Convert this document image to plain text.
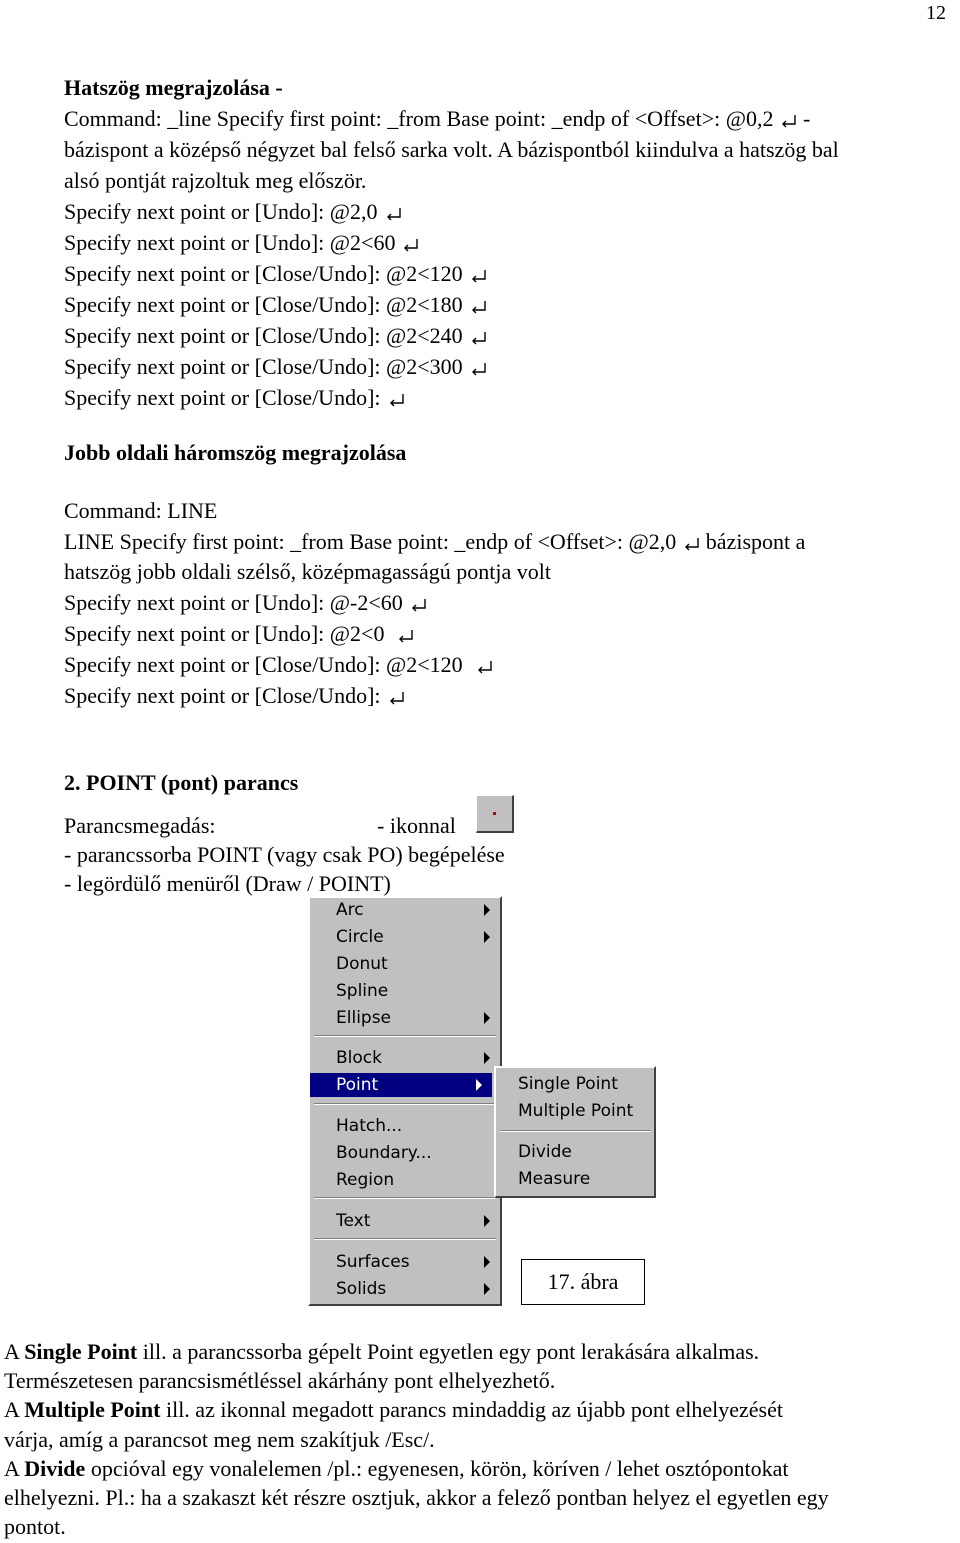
12
Hatszög megrajzolása -
Command: _line Specify first point: _from Base point: _endp of <Offset>: @0,2 -
bázispont a középső négyzet bal felső sarka volt. A bázispontból kiindulva a hatszög bal
alsó pontját rajzoltuk meg először.
Specify next point or [Undo]: @2,0
Specify next point or [Undo]: @2<60
Specify next point or [Close/Undo]: @2<120
Specify next point or [Close/Undo]: @2<180
Specify next point or [Close/Undo]: @2<240
Specify next point or [Close/Undo]: @2<300
Specify next point or [Close/Undo]:
Jobb oldali háromszög megrajzolása
Command: LINE
LINE Specify first point: _from Base point: _endp of <Offset>: @2,0 bázispont a
hatszög jobb oldali szélső, középmagasságú pontja volt
Specify next point or [Undo]: @-2<60
Specify next point or [Undo]: @2<0
Specify next point or [Close/Undo]: @2<120
Specify next point or [Close/Undo]:
2. POINT (pont) parancs
Parancsmegadás:	- ikonnal
- parancssorba POINT (vagy csak PO) begépelése
- legördülő menüről (Draw / POINT)
Arc
Circle
Donut
Spline
Ellipse
Block
Point
Hatch...
Boundary...
Region
Text
Surfaces
Solids
Single Point
Multiple Point
Divide
Measure
17. ábra
A Single Point ill. a parancssorba gépelt Point egyetlen egy pont lerakására alkalmas.
Természetesen parancsismétléssel akárhány pont elhelyezhető.
A Multiple Point ill. az ikonnal megadott parancs mindaddig az újabb pont elhelyezését
várja, amíg a parancsot meg nem szakítjuk /Esc/.
A Divide opcióval egy vonalelemen /pl.: egyenesen, körön, köríven / lehet osztópontokat
elhelyezni. Pl.: ha a szakaszt két részre osztjuk, akkor a felező pontban helyez el egyetlen egy
pontot.
